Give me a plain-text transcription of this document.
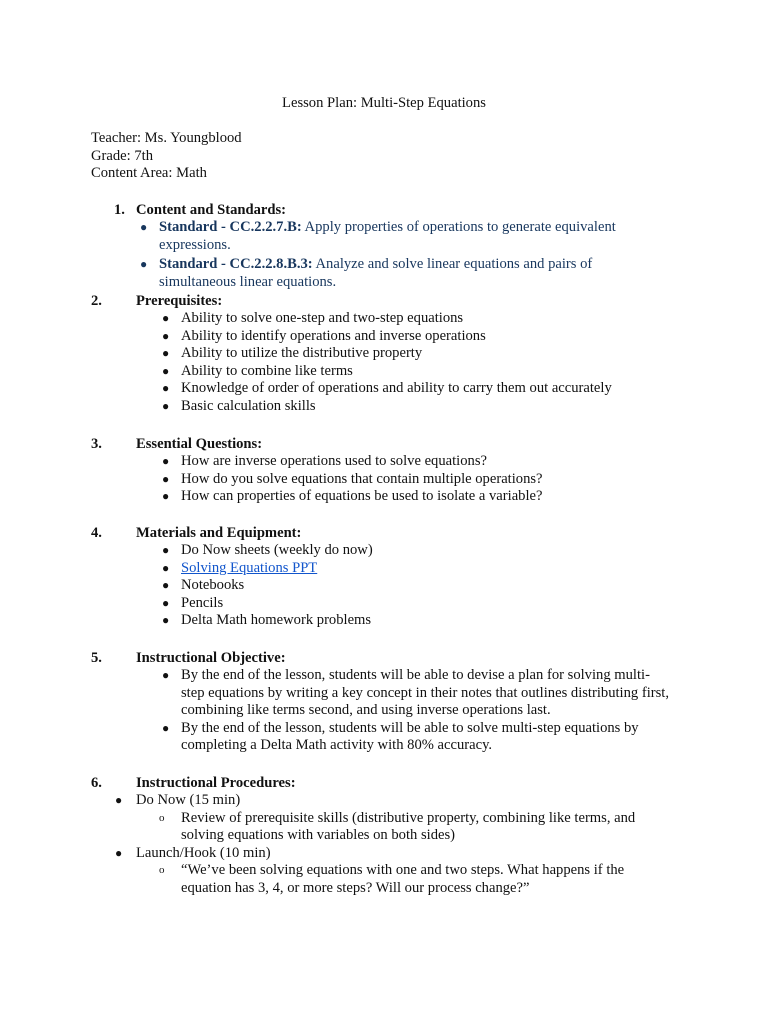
Lesson Plan: Multi-Step Equations
Teacher: Ms. Youngblood
Grade: 7th
Content Area: Math
1. Content and Standards:
● Standard - CC.2.2.7.B: Apply properties of operations to generate equivalent expressions.
● Standard - CC.2.2.8.B.3: Analyze and solve linear equations and pairs of simultaneous linear equations.
2. Prerequisites:
● Ability to solve one-step and two-step equations
● Ability to identify operations and inverse operations
● Ability to utilize the distributive property
● Ability to combine like terms
● Knowledge of order of operations and ability to carry them out accurately
● Basic calculation skills
3. Essential Questions:
● How are inverse operations used to solve equations?
● How do you solve equations that contain multiple operations?
● How can properties of equations be used to isolate a variable?
4. Materials and Equipment:
● Do Now sheets (weekly do now)
● Solving Equations PPT
● Notebooks
● Pencils
● Delta Math homework problems
5. Instructional Objective:
● By the end of the lesson, students will be able to devise a plan for solving multi-step equations by writing a key concept in their notes that outlines distributing first, combining like terms second, and using inverse operations last.
● By the end of the lesson, students will be able to solve multi-step equations by completing a Delta Math activity with 80% accuracy.
6. Instructional Procedures:
● Do Now (15 min)
o Review of prerequisite skills (distributive property, combining like terms, and solving equations with variables on both sides)
● Launch/Hook (10 min)
o “We’ve been solving equations with one and two steps. What happens if the equation has 3, 4, or more steps? Will our process change?”
